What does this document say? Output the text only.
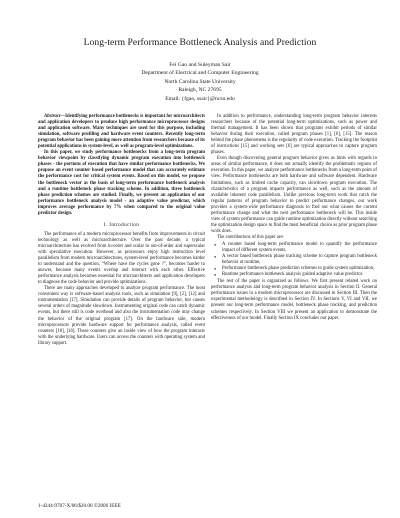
Long-term Performance Bottleneck Analysis and Prediction
Fei Gao and Suleyman Sair
Department of Electrical and Computer Engineering
North Carolina State University
Raleigh, NC 27695
Email: {fgao, ssair}@ncsu.edu

Abstract—Identifying performance bottlenecks is important for microarchitects and application developers to produce high performance microprocessor designs and application software. Many techniques are used for this purpose, including simulation, software profiling and hardware event counters. Recently long-term program behavior has been gaining more attention from researchers because of its potential applications in system-level, as well as program-level optimizations.

In this paper, we study performance bottlenecks from a long-term program behavior viewpoint by classifying dynamic program execution into bottleneck phases - the portions of execution that have similar performance bottlenecks. We propose an event counter based performance model that can accurately estimate the performance cost for critical system events. Based on this model, we propose the bottleneck vector as the basis of long-term performance bottleneck analysis and a runtime bottleneck phase tracking scheme. In addition, three bottleneck phase prediction schemes are studied. Finally, we present an application of our performance bottleneck analysis model - an adaptive value predictor, which improves average performance by 7% when compared to the original value predictor design.

I. Introduction

The performance of a modern microprocessor benefits from improvements in circuit technology as well as microarchitecture. Over the past decade, a typical microarchitecture has evolved from in-order and scalar to out-of-order and superscalar with speculative execution. However, as processors enjoy high instruction level parallelism from modern microarchitectures, system-level performance becomes harder to understand and the question, “Where have the cycles gone ?”, becomes harder to answer, because many events overlap and interact with each other. Effective performance analysis becomes essential for microarchitects and application developers to diagnose the code behavior and provide optimizations.

There are many approaches developed to analyze program performance. The most convenient way is software-based analysis tools, such as simulation [9], [2], [12] and instrumentation [17]. Simulation can provide details of program behavior, but causes several orders of magnitude slowdown. Instrumenting original code can catch dynamic events, but there still is code overhead and also the instrumentation code may change the behavior of the original program [17]. On the hardware side, modern microprocessors provide hardware support for performance analysis, called event counters [18], [16]. These counters give an inside view of how the program interacts with the underlying hardware. Users can access the counters with operating system and library support.

In addition to performance, understanding long-term program behavior interests researchers because of the potential long-term optimizations, such as power and thermal management. It has been shown that programs exhibit periods of similar behavior during their execution, called program phases [1], [6], [15]. The reason behind the phase phenomena is the regularity of code execution. Tracking the footprint of instructions [15] and working sets [6] are typical approaches to capture program phases.

Even though discovering general program behavior gives us hints with regards to areas of similar performance, it does not actually identify the problematic regions of execution. In this paper, we analyze performance bottlenecks from a long-term point of view. Performance bottlenecks are both hardware and software dependent. Hardware limitations, such as limited cache capacity, can slowdown program execution. The characteristics of a program impacts performance as well, such as the amount of available inherent code parallelism. Unlike previous long-term work that catch the regular patterns of program behavior to predict performance changes, our work provides a system-wide performance diagnosis to find out what causes the current performance change and what the next performance bottleneck will be. This inside view of system performance can guide runtime optimization directly without searching the optimization design space to find the most beneficial choice as prior program phase work does.

The contributions of this paper are:

● A counter based long-term performance model to quantify the performance impact of different system events,
● A vector based bottleneck phase tracking scheme to capture program bottleneck behavior at runtime,
● Performance bottleneck phase prediction schemes to guide system optimization,
● Runtime performance bottleneck analysis guided adaptive value predictor.

The rest of the paper is organized as follows. We first present related work on performance analysis and long-term program behavior analysis in Section II. General performance issues in a modern microprocessor are discussed in Section III. Then the experimental methodology is described in Section IV. In Sections V, VI and VII, we present our long-term performance model, bottleneck phase tracking, and prediction schemes respectively. In Section VIII we present an application to demonstrate the effectiveness of our model. Finally Section IX concludes our paper.

1-4244-9707-X/06/$20.00 ©2006 IEEE
